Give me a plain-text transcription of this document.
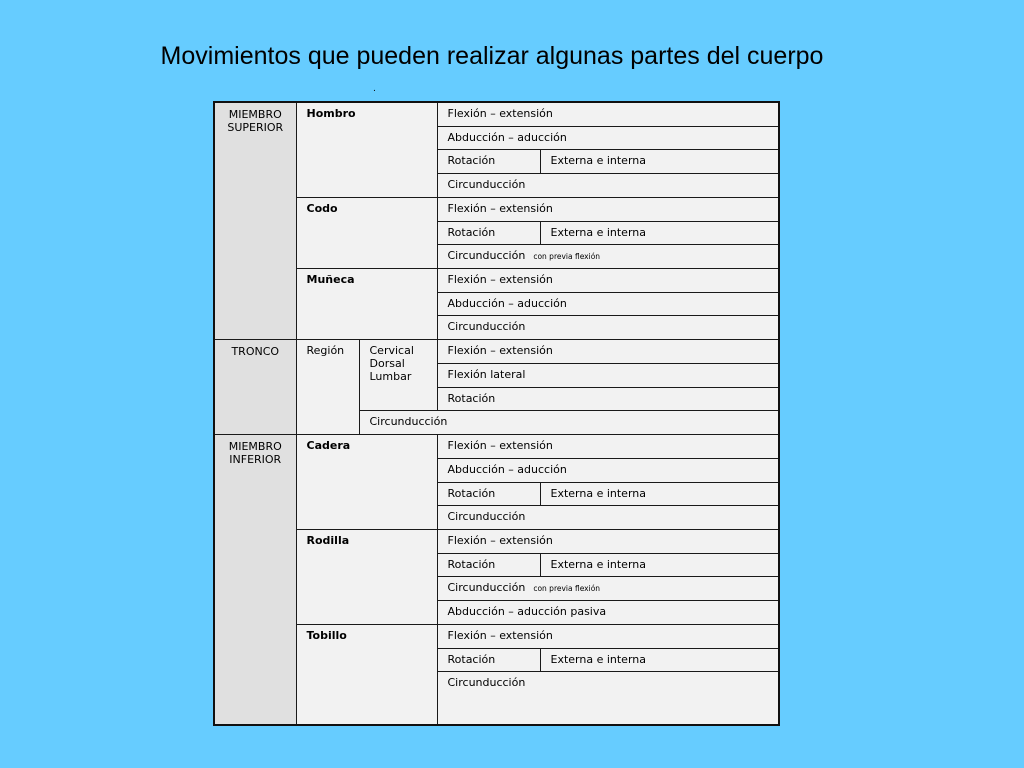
Movimientos que pueden realizar algunas partes del cuerpo
.
MIEMBRO SUPERIOR	Hombro		Flexión – extensión	
			Abducción – aducción	
			Rotación	Externa e interna
			Circunducción	
	Codo		Flexión – extensión	
			Rotación	Externa e interna
			Circunducción con previa flexión	
	Muñeca		Flexión – extensión	
			Abducción – aducción	
			Circunducción	
TRONCO	Región	Cervical Dorsal Lumbar	Flexión – extensión	
			Flexión lateral	
			Rotación	
		Circunducción		
MIEMBRO INFERIOR	Cadera		Flexión – extensión	
			Abducción – aducción	
			Rotación	Externa e interna
			Circunducción	
	Rodilla		Flexión – extensión	
			Rotación	Externa e interna
			Circunducción con previa flexión	
			Abducción – aducción pasiva	
	Tobillo		Flexión – extensión	
			Rotación	Externa e interna
			Circunducción	
